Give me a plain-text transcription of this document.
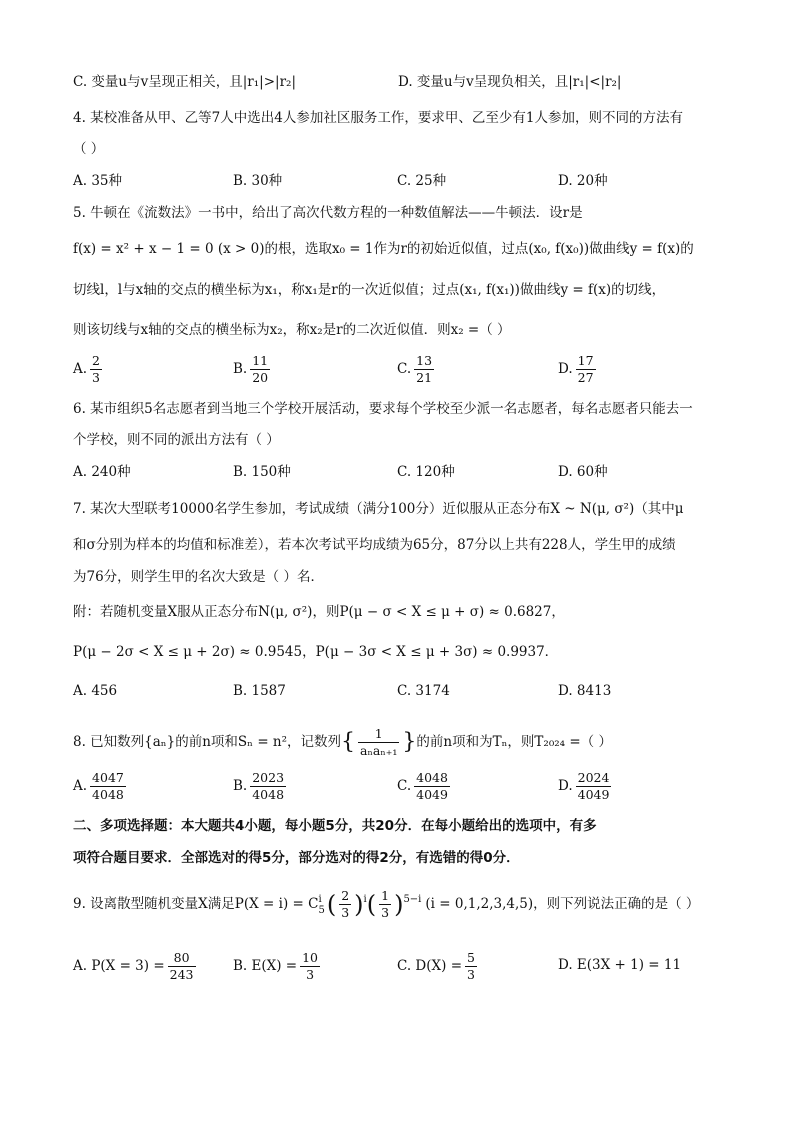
C. 变量u与v呈现正相关，且|r₁|>|r₂|	D. 变量u与v呈现负相关，且|r₁|<|r₂|
4. 某校准备从甲、乙等7人中选出4人参加社区服务工作，要求甲、乙至少有1人参加，则不同的方法有
（ ）
A. 35种	B. 30种	C. 25种	D. 20种
5. 牛顿在《流数法》一书中，给出了高次代数方程的一种数值解法——牛顿法．设r是
f(x) = x² + x − 1 = 0 (x > 0)的根，选取x₀ = 1作为r的初始近似值，过点(x₀, f(x₀))做曲线y = f(x)的
切线l，l与x轴的交点的横坐标为x₁，称x₁是r的一次近似值；过点(x₁, f(x₁))做曲线y = f(x)的切线，
则该切线与x轴的交点的横坐标为x₂，称x₂是r的二次近似值．则x₂ =（ ）
A. $\frac{2}{3}$	B. $\frac{11}{20}$	C. $\frac{13}{21}$	D. $\frac{17}{27}$
6. 某市组织5名志愿者到当地三个学校开展活动，要求每个学校至少派一名志愿者，每名志愿者只能去一
个学校，则不同的派出方法有（ ）
A. 240种	B. 150种	C. 120种	D. 60种
7. 某次大型联考10000名学生参加，考试成绩（满分100分）近似服从正态分布X ~ N(μ, σ²)（其中μ
和σ分别为样本的均值和标准差），若本次考试平均成绩为65分，87分以上共有228人，学生甲的成绩
为76分，则学生甲的名次大致是（ ）名．
附：若随机变量X服从正态分布N(μ, σ²)，则P(μ − σ < X ≤ μ + σ) ≈ 0.6827，
P(μ − 2σ < X ≤ μ + 2σ) ≈ 0.9545，P(μ − 3σ < X ≤ μ + 3σ) ≈ 0.9937．
A. 456	B. 1587	C. 3174	D. 8413
8. 已知数列{aₙ}的前n项和Sₙ = n²，记数列{ $\frac{1}{\text{aₙaₙ₊₁}}$ }的前n项和为Tₙ，则T₂₀₂₄ =（ ）
A. $\frac{4047}{4048}$	B. $\frac{2023}{4048}$	C. $\frac{4048}{4049}$	D. $\frac{2024}{4049}$
二、多项选择题：本大题共4小题，每小题5分，共20分．在每小题给出的选项中，有多
项符合题目要求．全部选对的得5分，部分选对的得2分，有选错的得0分．
9. 设离散型随机变量X满足P(X = i) = C i
5 ( $\frac{2}{3} )^i( \frac{1}{3} )^{5-i}$ (i = 0,1,2,3,4,5)，则下列说法正确的是（ ）
A. $P(X = 3) = \frac{80}{243}$	B. $E(X) = \frac{10}{3}$	C. $D(X) = \frac{5}{3}$	D. E(3X + 1) = 11
